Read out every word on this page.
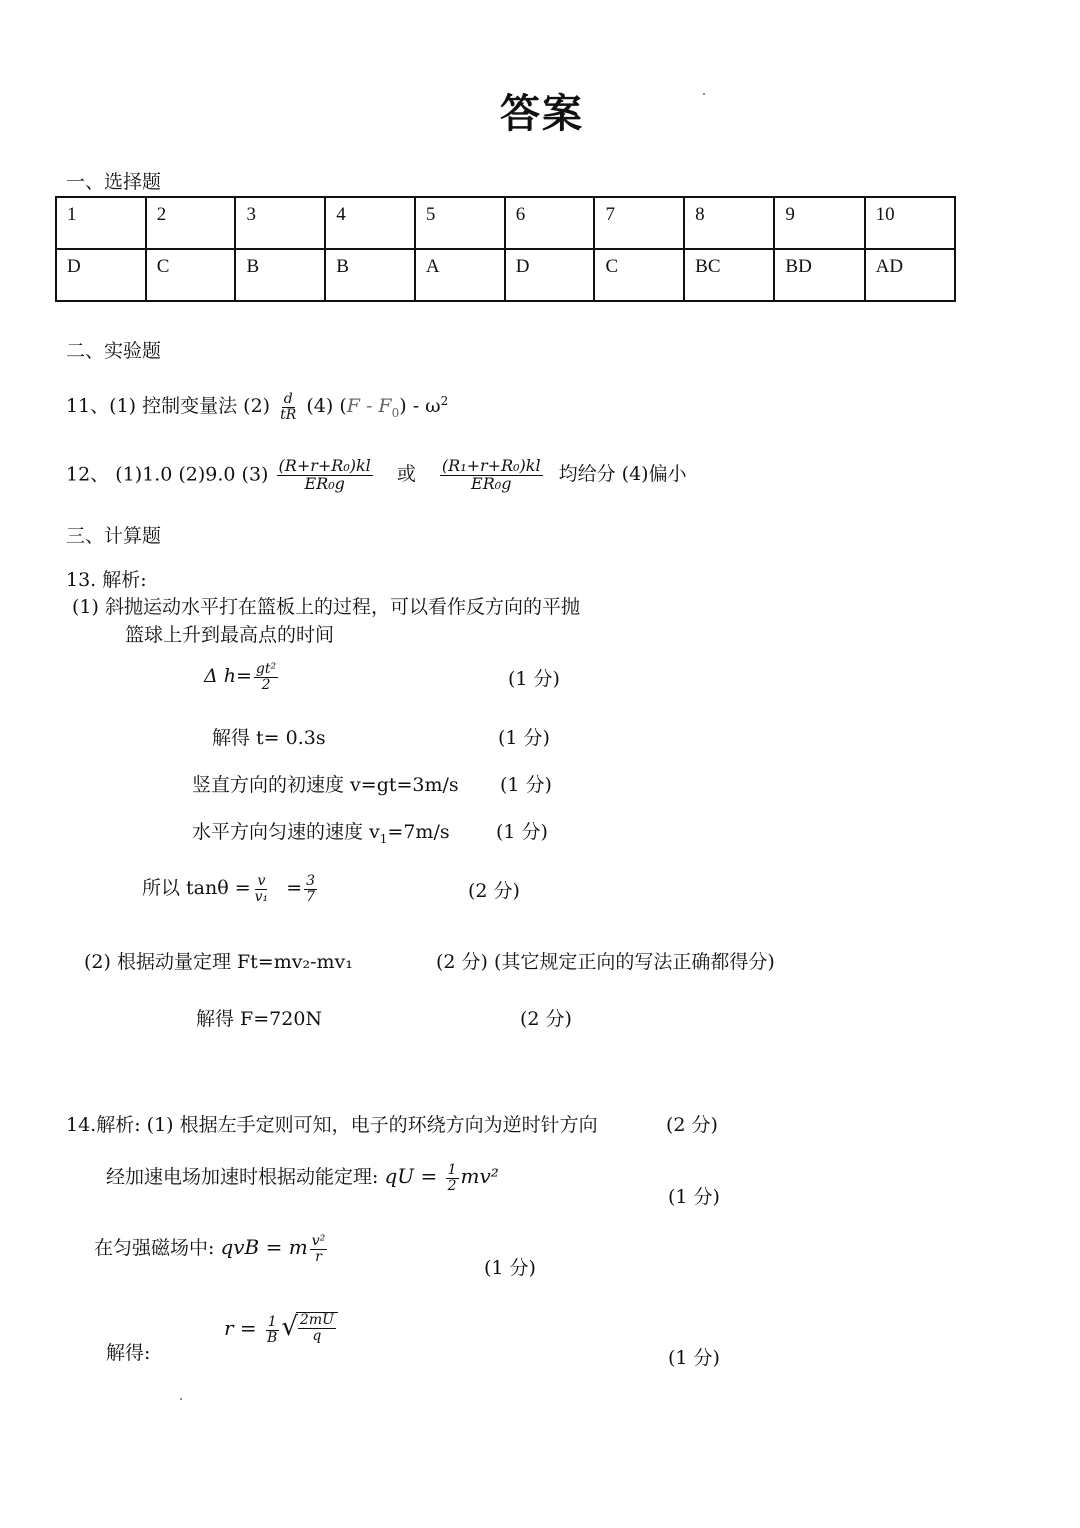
答案
一、选择题
1	2	3	4	5	6	7	8	9	10
D	C	B	B	A	D	C	BC	BD	AD
二、实验题
11、(1) 控制变量法 $(2) \frac{d}{tR} (4)$ $(F - F_0) - \omega^2$
12、 (1)1.0 (2)9.0 $(3) \frac{\text{(R+r+R₀)kl}}{\text{ER₀g}}$ 或 $\frac{\text{(R₁+r+R₀)kl}}{\text{ER₀g}}$ 均给分 (4)偏小
三、计算题
13. 解析:
(1) 斜抛运动水平打在篮板上的过程，可以看作反方向的平抛
篮球上升到最高点的时间
Δ $h= \frac{\text{gt²}}{2}$	(1 分)
解得 t= 0.3s	(1 分)
竖直方向的初速度 v=gt=3m/s (1 分)
水平方向匀速的速度 $v_1=7m/s$ (1 分)
所以 $\tan\theta = \frac{v}{\text{v₁}} = \frac{3}{7}$	(2 分)
(2) 根据动量定理 Ft=mv₂-mv₁	(2 分) (其它规定正向的写法正确都得分)
解得 F=720N	(2 分)
14.解析: (1) 根据左手定则可知，电子的环绕方向为逆时针方向	(2 分)
经加速电场加速时根据动能定理: qU = $\frac{1}{2} mv^2$
(1 分)
在匀强磁场中: qvB = m $\frac{\text{v²}}{r}$
(1 分)
$r = \frac{1}{B}$ √ $\frac{2mU}{q}$
解得:	(1 分)
